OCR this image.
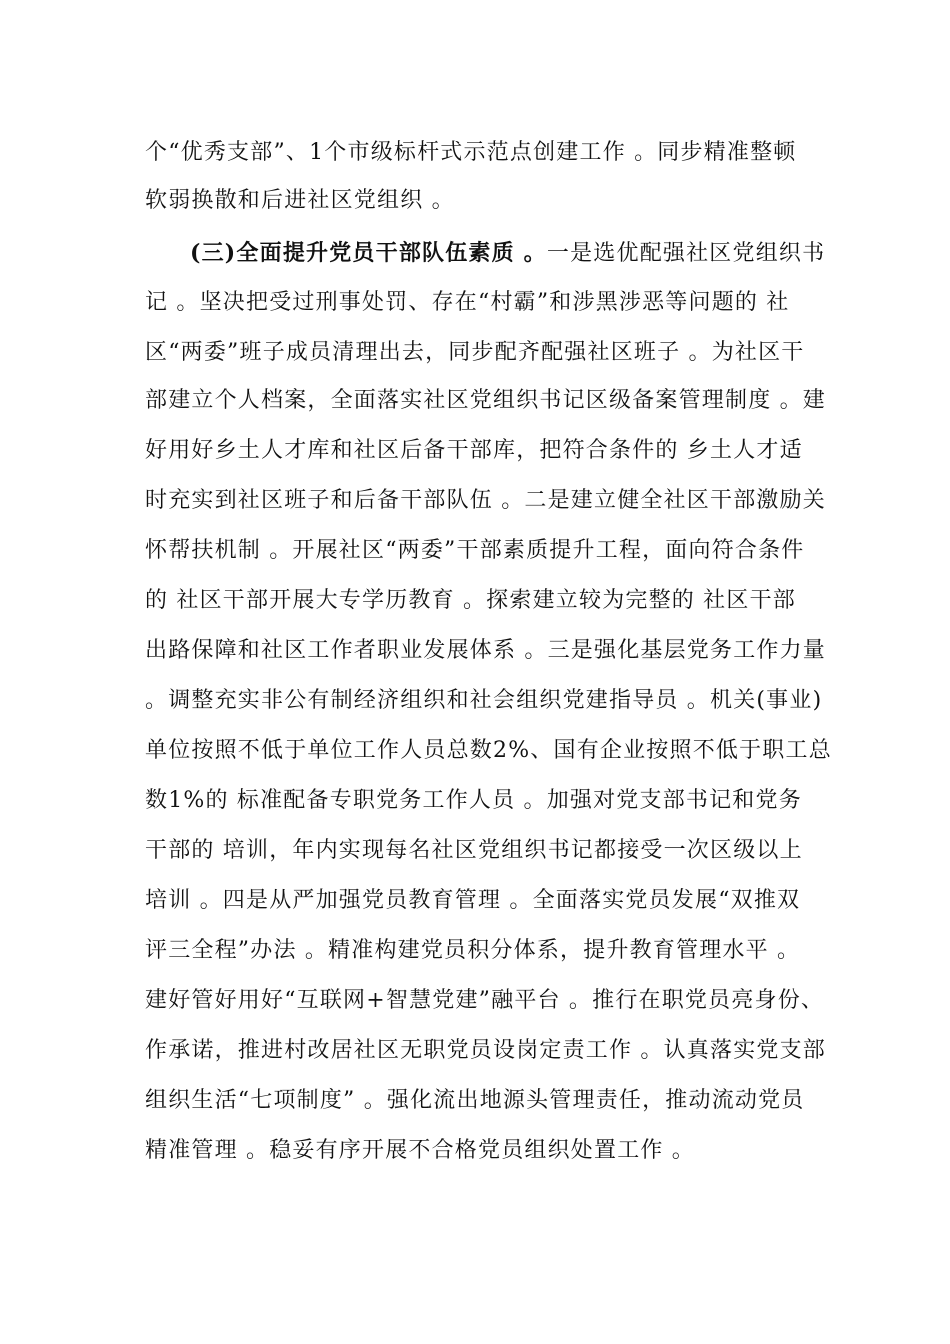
个“优秀支部”、1个市级标杆式示范点创建工作 。同步精准整顿
软弱换散和后进社区党组织 。
(三)全面提升党员干部队伍素质 。一是选优配强社区党组织书
记 。坚决把受过刑事处罚、存在“村霸”和涉黑涉恶等问题的 社
区“两委”班子成员清理出去，同步配齐配强社区班子 。为社区干
部建立个人档案，全面落实社区党组织书记区级备案管理制度 。建
好用好乡土人才库和社区后备干部库，把符合条件的 乡土人才适
时充实到社区班子和后备干部队伍 。二是建立健全社区干部激励关
怀帮扶机制 。开展社区“两委”干部素质提升工程，面向符合条件
的 社区干部开展大专学历教育 。探索建立较为完整的 社区干部
出路保障和社区工作者职业发展体系 。三是强化基层党务工作力量
。调整充实非公有制经济组织和社会组织党建指导员 。机关(事业)
单位按照不低于单位工作人员总数2%、国有企业按照不低于职工总
数1%的 标准配备专职党务工作人员 。加强对党支部书记和党务
干部的 培训，年内实现每名社区党组织书记都接受一次区级以上
培训 。四是从严加强党员教育管理 。全面落实党员发展“双推双
评三全程”办法 。精准构建党员积分体系，提升教育管理水平 。
建好管好用好“互联网+智慧党建”融平台 。推行在职党员亮身份、
作承诺，推进村改居社区无职党员设岗定责工作 。认真落实党支部
组织生活“七项制度” 。强化流出地源头管理责任，推动流动党员
精准管理 。稳妥有序开展不合格党员组织处置工作 。
